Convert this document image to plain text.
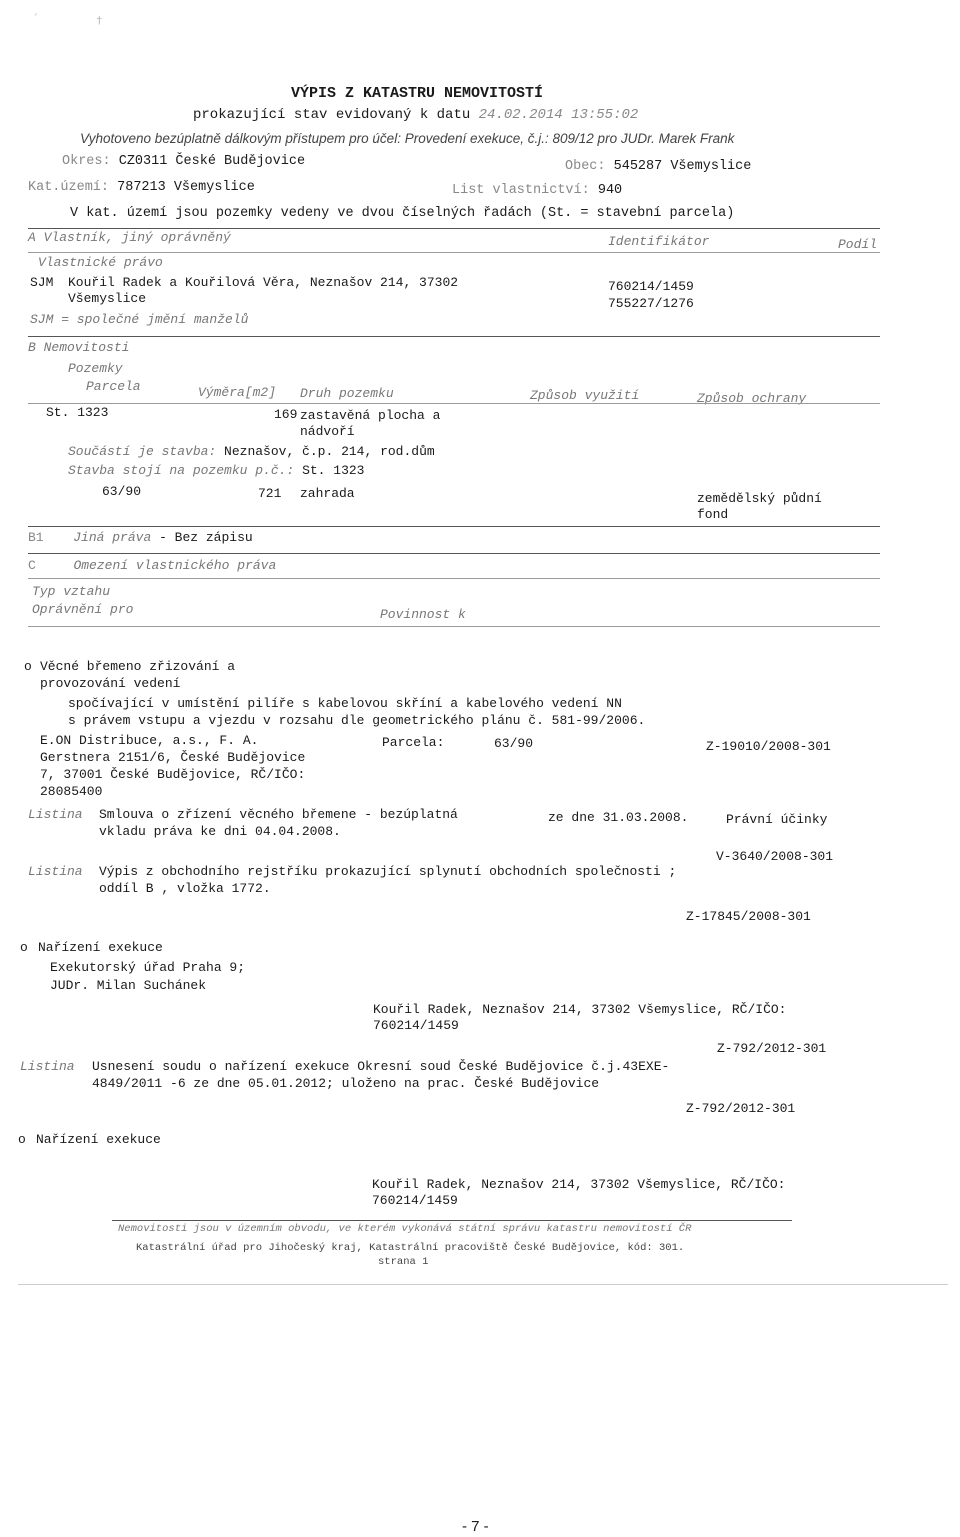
´	†
VÝPIS Z KATASTRU NEMOVITOSTÍ
prokazující stav evidovaný k datu 24.02.2014 13:55:02
Vyhotoveno bezúplatně dálkovým přístupem pro účel: Provedení exekuce, č.j.: 809/12 pro JUDr. Marek Frank
Okres: CZ0311 České Budějovice	Obec: 545287 Všemyslice
Kat.území: 787213 Všemyslice	List vlastnictví: 940
V kat. území jsou pozemky vedeny ve dvou číselných řadách (St. = stavební parcela)
A Vlastník, jiný oprávněný	Identifikátor	Podíl
Vlastnické právo
SJM Kouřil Radek a Kouřilová Věra, Neznašov 214, 37302
Všemyslice
760214/1459
755227/1276
SJM = společné jmění manželů
B Nemovitosti
Pozemky
Parcela	Výměra[m2] Druh pozemku	Způsob využití	Způsob ochrany
St. 1323	169 zastavěná plocha a
nádvoří
Součástí je stavba: Neznašov, č.p. 214, rod.dům
Stavba stojí na pozemku p.č.: St. 1323
63/90	721 zahrada	zemědělský půdní
fond
B1 Jiná práva - Bez zápisu
C	Omezení vlastnického práva
Typ vztahu
Oprávnění pro	Povinnost k
o Věcné břemeno zřizování a
provozování vedení
spočívající v umístění pilíře s kabelovou skříní a kabelového vedení NN
s právem vstupu a vjezdu v rozsahu dle geometrického plánu č. 581-99/2006.
E.ON Distribuce, a.s., F. A.
Gerstnera 2151/6, České Budějovice
7, 37001 České Budějovice, RČ/IČO:
28085400
Parcela:	63/90	Z-19010/2008-301
Listina Smlouva o zřízení věcného břemene - bezúplatná	ze dne 31.03.2008.	Právní účinky
vkladu práva ke dni 04.04.2008.
V-3640/2008-301
Listina Výpis z obchodního rejstříku prokazující splynutí obchodních společnosti ;
oddíl B , vložka 1772.
Z-17845/2008-301
o Nařízení exekuce
Exekutorský úřad Praha 9;
JUDr. Milan Suchánek
Kouřil Radek, Neznašov 214, 37302 Všemyslice, RČ/IČO:
760214/1459
Z-792/2012-301
Listina Usnesení soudu o nařízení exekuce Okresní soud České Budějovice č.j.43EXE-
4849/2011 -6 ze dne 05.01.2012; uloženo na prac. České Budějovice
Z-792/2012-301
o Nařízení exekuce
Kouřil Radek, Neznašov 214, 37302 Všemyslice, RČ/IČO:
760214/1459
Nemovitosti jsou v územním obvodu, ve kterém vykonává státní správu katastru nemovitostí ČR
Katastrální úřad pro Jihočeský kraj, Katastrální pracoviště České Budějovice, kód: 301.
strana 1
- 7 -
